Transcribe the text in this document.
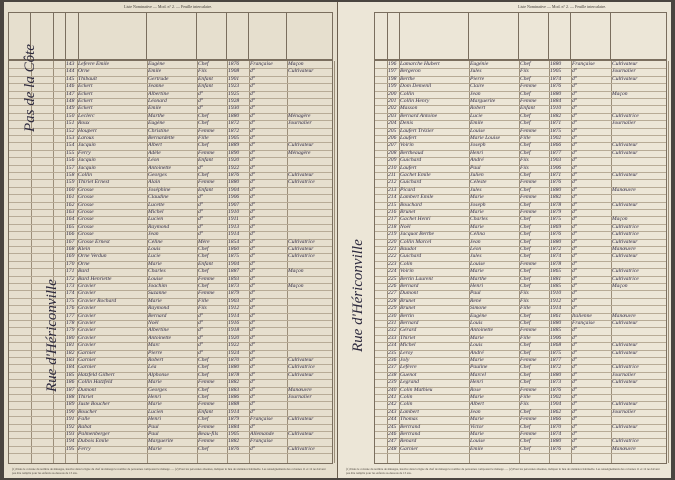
Liste Nominative — Mod. n° 2. — Feuille intercalaire.
143 Lefevre Emile	Eugène	Chef	1876	Française	Maçon
144 Orne	Emile	Fils	1908	d°	Cultivateur
145 Thibault	Gertrude	Enfant	1901	d°
146 Eckert	Jeanne	Enfant	1923	d°
147 Eckert	Albertine	d°	1925	d°
148 Eckert	Léonard	d°	1928	d°
149 Eckert	Emile	d°	1930	d°
150 Leclerc	Marthe	Chef	1880	d°	Ménagère
151 Roux	Eugène	Chef	1872	d°	Journalier
152 Houpert	Christine	Femme	1872	d°
153 Laroux	Bernardette	Fille	1905	d°
154 Jacquin	Albert	Chef	1889	d°	Cultivateur
155 Ferry	Adèle	Femme	1890	d°	Ménagère
156 Jacquin	Léon	Enfant	1920	d°
157 Jacquin	Antoinette	d°	1922	d°
158 Collin	Georges	Chef	1876	d°	Cultivateur
159 Thiriet Ernest	Alain	Femme	1880	d°	Cultivatrice
160 Grosse	Joséphine	Enfant	1904	d°
161 Grosse	Claudine	d°	1906	d°
162 Grosse	Lucette	d°	1907	d°
163 Grosse	Michel	d°	1910	d°
164 Grosse	Lucien	d°	1911	d°
165 Grosse	Raymond	d°	1913	d°
166 Grosse	Jean	d°	1914	d°
167 Grosse Ernest	Céline	Mère	1854	d°	Cultivatrice
168 Klein	Louis	Chef	1860	d°	Cultivateur
169 Orne Verdun	Lucie	Chef	1875	d°	Cultivatrice
170 Orne	Marie	Enfant	1904	d°
171 Bard	Charles	Chef	1887	d°	Maçon
172 Bard Henriette	Louise	Femme	1893	d°
173 Gravier	Joachim	Chef	1873	d°	Maçon
174 Gravier	Suzanne	Femme	1879	d°
175 Gravier Rochard	Marie	Fille	1903	d°
176 Gravier	Raymond	Fils	1912	d°
177 Gravier	Bernard	d°	1914	d°
178 Gravier	Noël	d°	1916	d°
179 Gravier	Albertine	d°	1918	d°
180 Gravier	Antoinette	d°	1920	d°
181 Gravier	Marc	d°	1922	d°
182 Garnier	Pierre	d°	1924	d°
183 Garnier	Robert	Chef	1870	d°	Cultivateur
184 Garnier	Léa	Chef	1880	d°	Cultivatrice
185 Hatzfeld Gilbert	Alphonse	Chef	1878	d°	Cultivateur
186 Collin Hatzfeld	Marie	Femme	1882	d°
187 Dumont	Georges	Chef	1883	d°	Manœuvre
188 Thiriet	Henri	Chef	1886	d°	Journalier
189 Juste Boucher	Marie	Femme	1888	d°
190 Boucher	Lucien	Enfant	1914	d°
191 Falle	Henri	Chef	1879	Française	Cultivateur
192 Rabat	Paul	Femme	1884	d°
193 Palmenberger	Paul	Beau-fils	1905	Allemande	Cultivateur
194 Dubois Emile	Marguerite	Femme	1882	Française
195 Ferry	Marie	Chef	1876	d°	Cultivatrice
Pas de la Côte
Rue d'Hériconville
(1) Dans le colonne du nombre de ménages, inscrire dans la ligne du chef de ménage le nombre de personnes composant le ménage. — (2) Pour les personnes absentes, indiquer le lieu de résidence habituelle. Les renseignements des colonnes 11 et 12 ne doivent pas être remplis pour les enfants au-dessous de 13 ans.
Liste Nominative — Mod. n° 2. — Feuille intercalaire.
196 Lamarche Hubert	Eugénie	Chef	1880	Française	Cultivateur
197 Bergeron	Jules	Fils	1905	d°	Journalier
198 Berthe	Pierre	Chef	1874	d°	Cultivateur
199 Dom Demenil	Claire	Femme	1876	d°
200 Collin	Jean	Chef	1880	d°	Maçon
201 Collin Henry	Marguerite	Femme	1884	d°
202 Masson	Robert	Enfant	1910	d°
203 Bernard Antoine	Lucie	Chef	1882	d°	Cultivatrice
204 Denis	Emile	Chef	1871	d°	Journalier
205 Laufert Trézier	Louise	Femme	1875	d°
206 Laufert	Marie Louise	Fille	1902	d°
207 Voirin	Joseph	Chef	1866	d°	Cultivateur
208 Bertheaud	Henri	Chef	1877	d°	Cultivateur
209 Guichard	André	Fils	1903	d°
210 Laufert	Paul	Fils	1906	d°
211 Gachet Emile	Julien	Chef	1871	d°	Cultivateur
212 Guichard	Céleste	Femme	1876	d°
213 Picard	Jules	Chef	1880	d°	Manœuvre
214 Lambert Émile	Marie	Femme	1882	d°
215 Bouchard	Joseph	Chef	1878	d°	Cultivateur
216 Brunet	Marie	Femme	1879	d°
217 Gachet Henri	Charles	Chef	1875	d°	Maçon
218 Noël	Marie	Chef	1869	d°	Cultivatrice
219 Jacquot Berthe	Célina	Chef	1876	d°	Cultivatrice
220 Collin Marcel	Jean	Chef	1880	d°	Cultivateur
221 Baudot	Léon	Chef	1872	d°	Manœuvre
222 Guichard	Jules	Chef	1874	d°	Cultivateur
223 Colin	Louise	Femme	1878	d°
224 Voirin	Marie	Chef	1865	d°	Cultivatrice
225 Bertin Laurent	Marthe	Chef	1881	d°	Cultivatrice
226 Bernard	Henri	Chef	1885	d°	Maçon
227 Dumont	Paul	Fils	1910	d°
228 Brunet	René	Fils	1912	d°
229 Brunet	Simone	Fille	1914	d°
230 Bertin	Eugène	Chef	1861	Italienne	Manœuvre
231 Bernard	Louis	Chef	1880	Française	Cultivateur
232 Gérard	Antoinette	Femme	1885	d°
233 Thiriet	Marie	Fille	1906	d°
234 Michel	Louis	Chef	1868	d°	Cultivateur
235 Leroy	André	Chef	1875	d°	Cultivateur
236 Joly	Marie	Femme	1877	d°
237 Lefèvre	Pauline	Chef	1872	d°	Cultivatrice
238 Guenot	Marcel	Chef	1880	d°	Journalier
239 Legrand	Henri	Chef	1873	d°	Cultivateur
240 Colin Mathieu	Rose	Femme	1876	d°
241 Colin	Marie	Fille	1902	d°
242 Colin	Albert	Fils	1904	d°	Cultivateur
243 Lambert	Jean	Chef	1862	d°	Journalier
244 Thomas	Marie	Femme	1866	d°
245 Bertrand	Victor	Chef	1870	d°	Cultivateur
246 Bertrand	Marie	Femme	1874	d°
247 Renard	Louise	Chef	1880	d°	Cultivatrice
248 Garnier	Emile	Chef	1876	d°	Manœuvre
Rue d'Hériconville
(1) Dans le colonne du nombre de ménages, inscrire dans la ligne du chef de ménage le nombre de personnes composant le ménage. — (2) Pour les personnes absentes, indiquer le lieu de résidence habituelle. Les renseignements des colonnes 11 et 12 ne doivent pas être remplis pour les enfants au-dessous de 13 ans.
